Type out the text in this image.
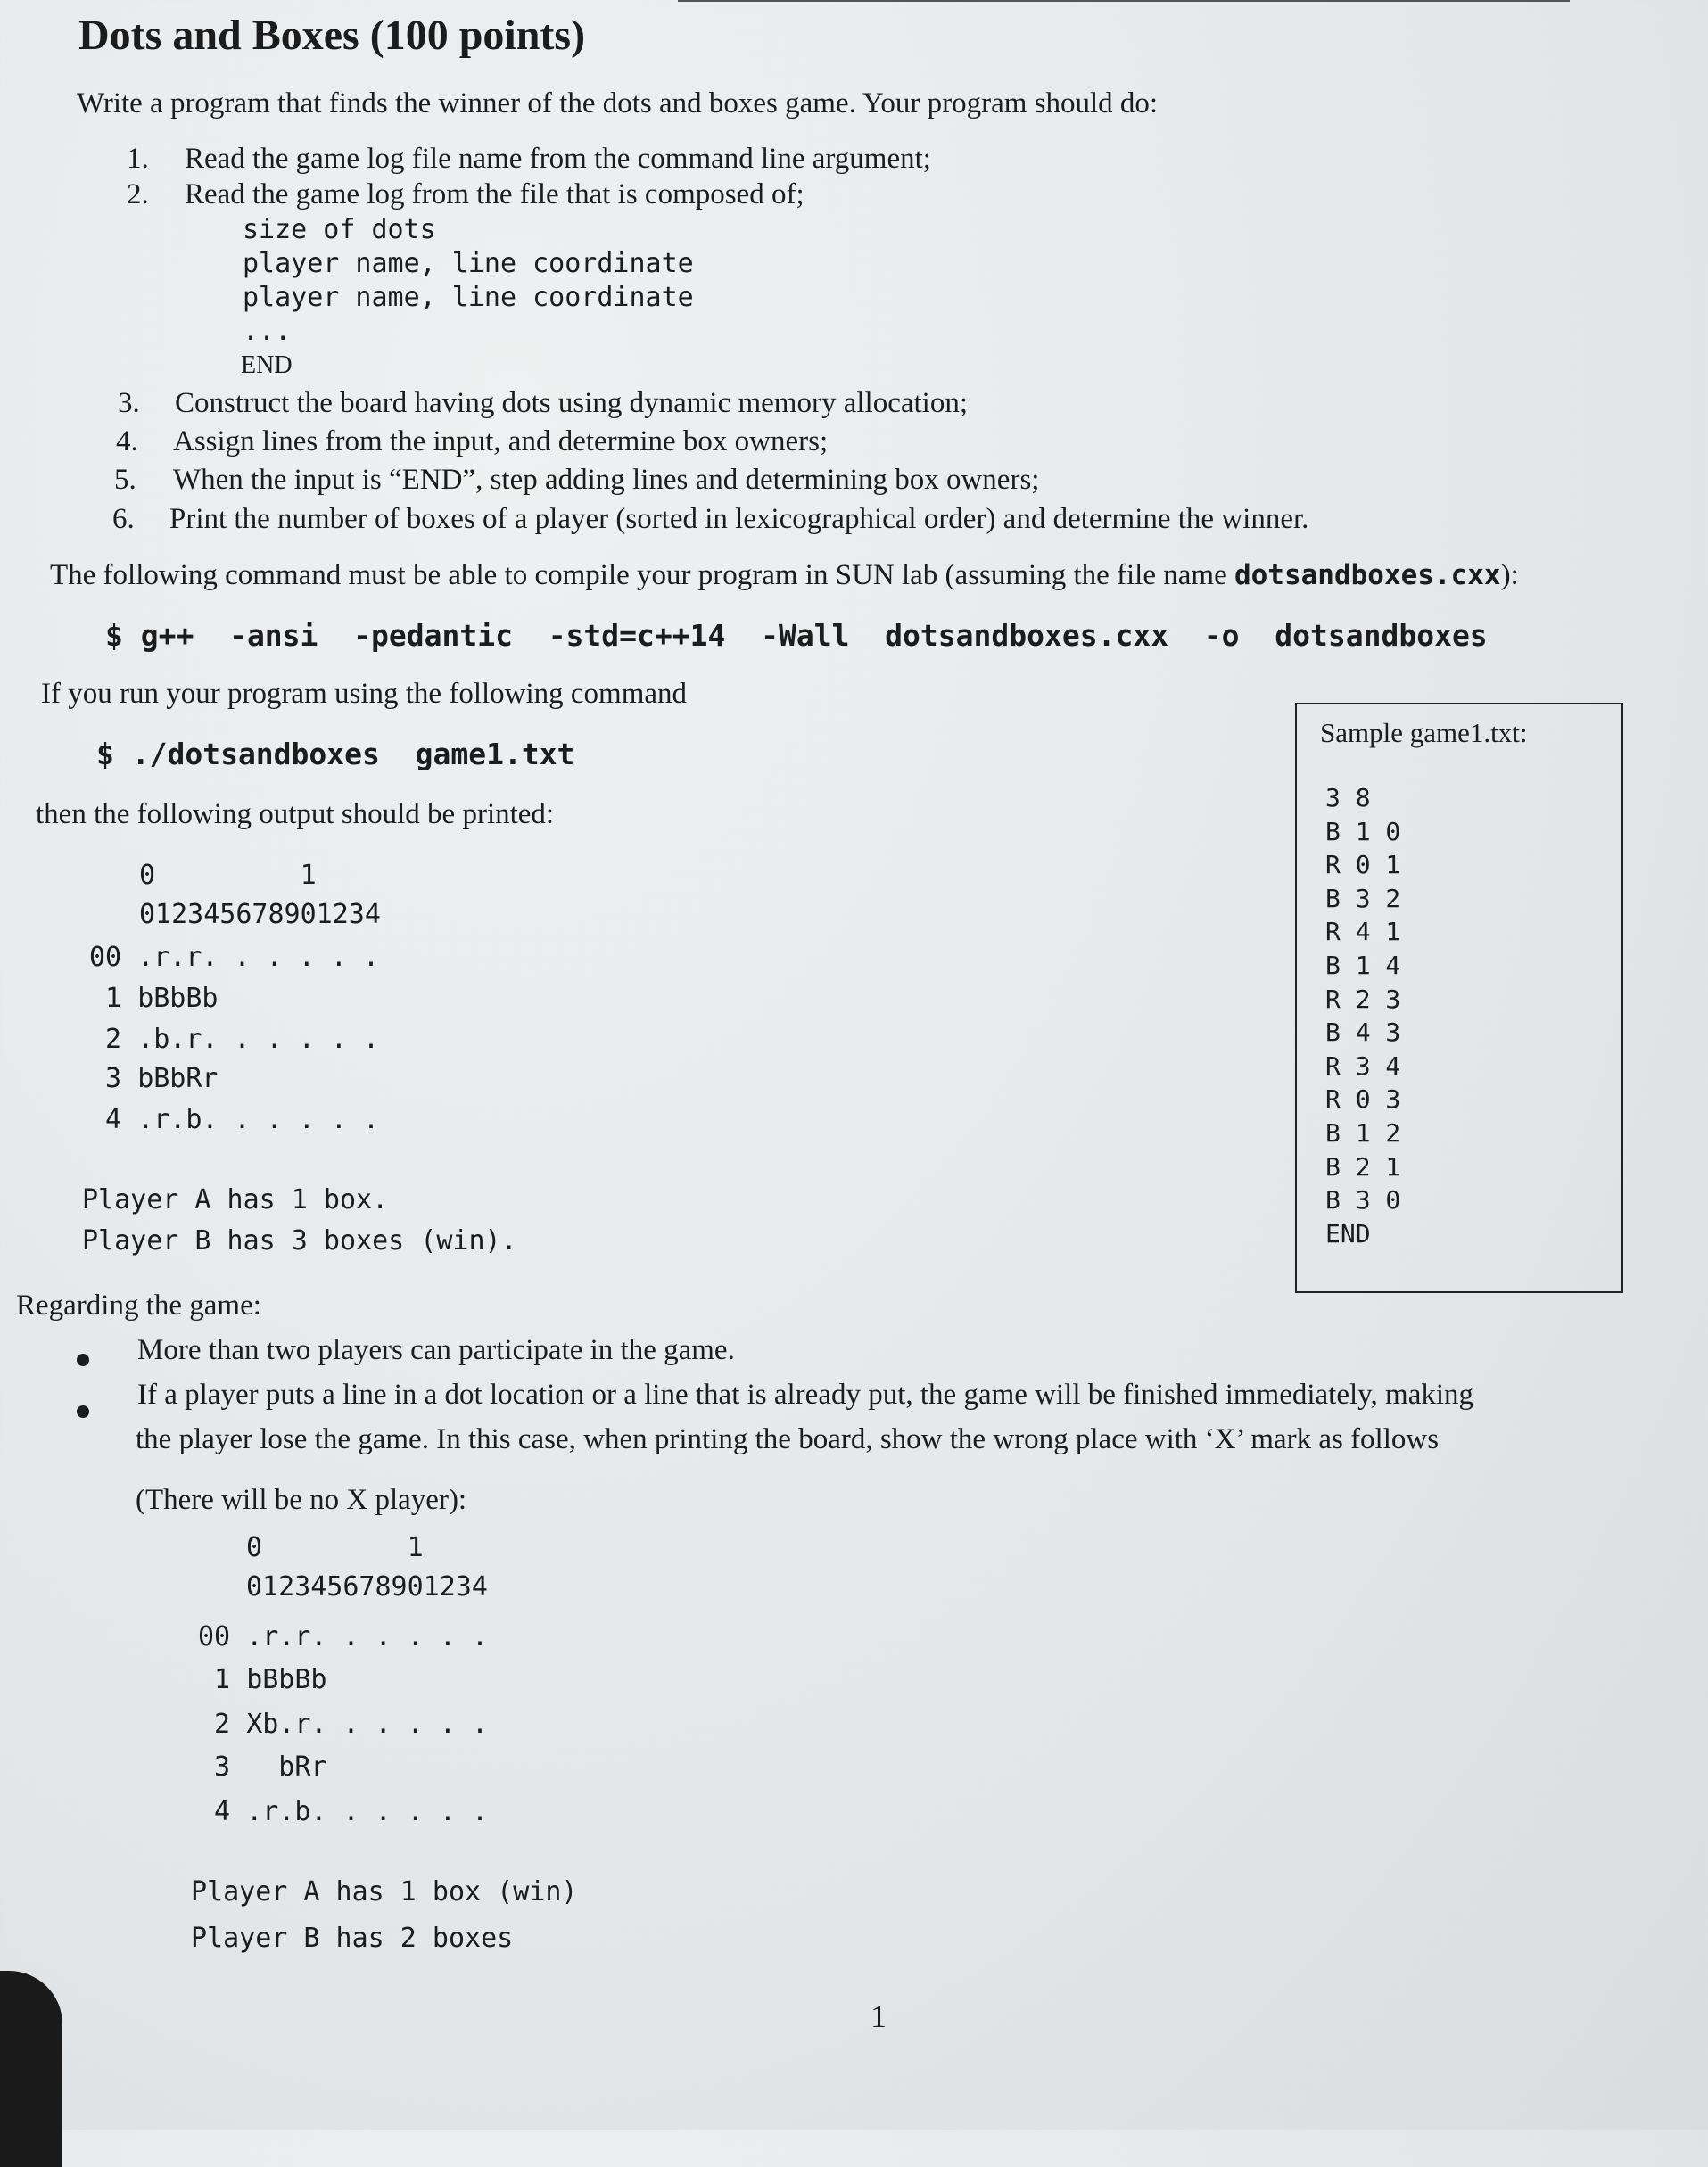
Dots and Boxes (100 points)
Write a program that finds the winner of the dots and boxes game. Your program should do:
1. Read the game log file name from the command line argument;
2. Read the game log from the file that is composed of;
size of dots
player name, line coordinate
player name, line coordinate
...
END
3. Construct the board having dots using dynamic memory allocation;
4. Assign lines from the input, and determine box owners;
5. When the input is “END”, step adding lines and determining box owners;
6. Print the number of boxes of a player (sorted in lexicographical order) and determine the winner.
The following command must be able to compile your program in SUN lab (assuming the file name dotsandboxes.cxx):
$ g++  -ansi  -pedantic  -std=c++14  -Wall  dotsandboxes.cxx  -o  dotsandboxes
If you run your program using the following command
$ ./dotsandboxes  game1.txt
then the following output should be printed:
0         1
012345678901234
00 .r.r. . . . . .
1 bBbBb
2 .b.r. . . . . .
3 bBbRr
4 .r.b. . . . . .
Player A has 1 box.
Player B has 3 boxes (win).
Sample game1.txt:
3 8
B 1 0
R 0 1
B 3 2
R 4 1
B 1 4
R 2 3
B 4 3
R 3 4
R 0 3
B 1 2
B 2 1
B 3 0
END
Regarding the game:
More than two players can participate in the game.
If a player puts a line in a dot location or a line that is already put, the game will be finished immediately, making
the player lose the game. In this case, when printing the board, show the wrong place with ‘X’ mark as follows
(There will be no X player):
0         1
012345678901234
00 .r.r. . . . . .
1 bBbBb
2 Xb.r. . . . . .
3   bRr
4 .r.b. . . . . .
Player A has 1 box (win)
Player B has 2 boxes
1
